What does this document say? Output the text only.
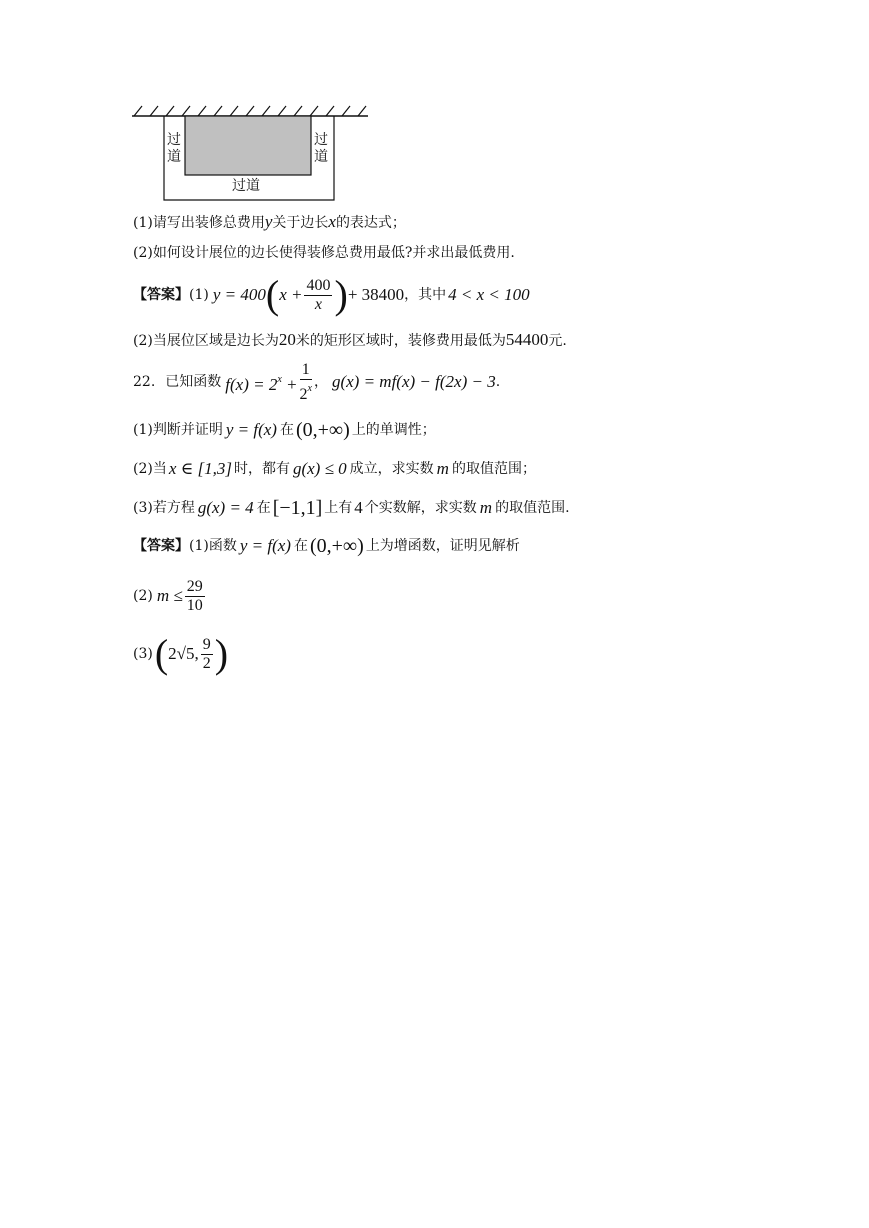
过道
过道
过道
(1)请写出装修总费用y关于边长x的表达式；
(2)如何设计展位的边长使得装修总费用最低?并求出最低费用.
【答案】 (1) y = 400 ( $x + \frac{400}{x}$ ) + 38400 ，其中 4 < x < 100
(2)当展位区域是边长为20米的矩形区域时，装修费用最低为54400元.
22. 已知函数 $f(x) = 2^x + \frac{1}{2^x}$ ， g(x) = mf(x) − f(2x) − 3 .
(1)判断并证明 y = f(x) 在 (0,+∞) 上的单调性；
(2)当 x ∈ [1,3] 时，都有 g(x) ≤ 0 成立，求实数 m 的取值范围；
(3)若方程 g(x) = 4 在 [−1,1] 上有 4 个实数解，求实数 m 的取值范围.
【答案】 (1)函数 y = f(x) 在 (0,+∞) 上为增函数，证明见解析
(2) $m \le \frac{29}{10}$
(3) ( 2√5, $\frac{9}{2}$ )
